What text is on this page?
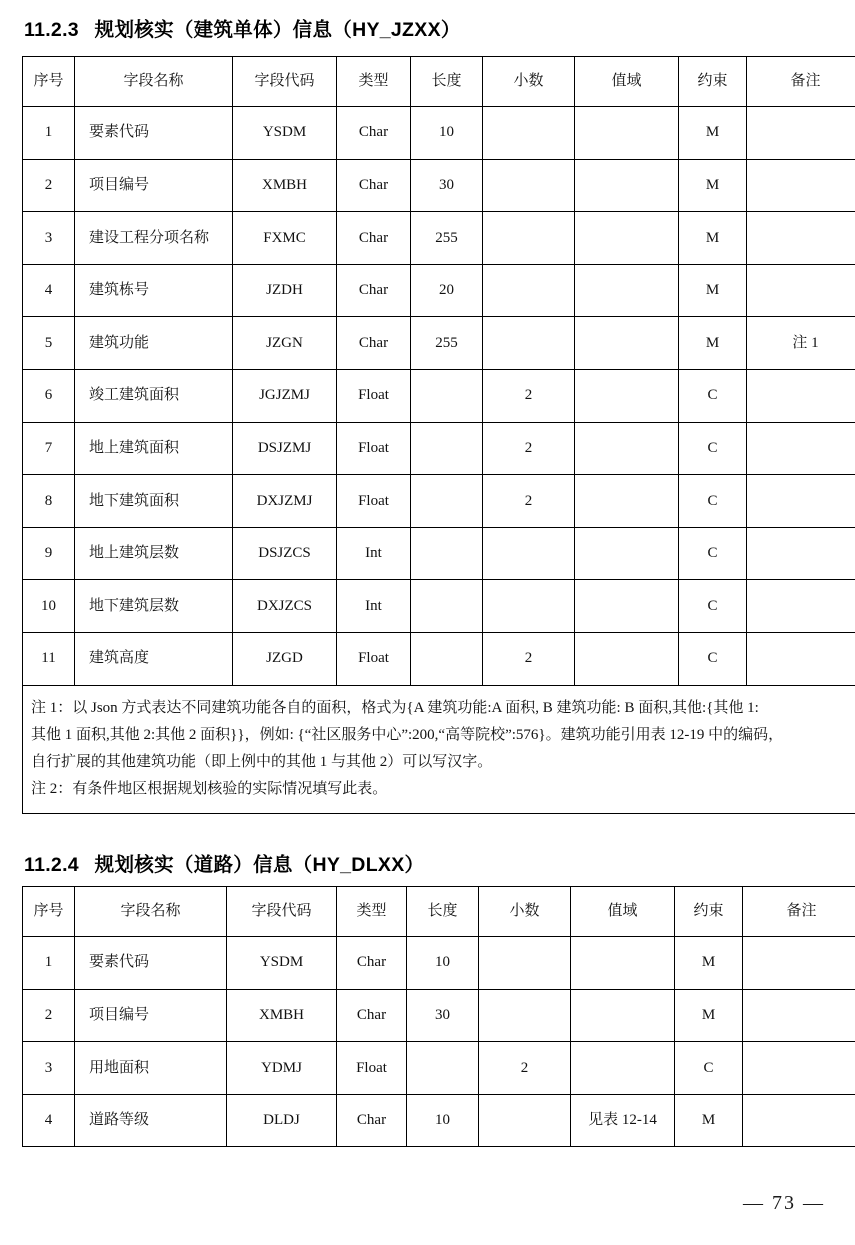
11.2.3 规划核实（建筑单体）信息（HY_JZXX）
序号	字段名称	字段代码	类型	长度	小数	值域	约束	备注
1	要素代码	YSDM	Char	10			M	
2	项目编号	XMBH	Char	30			M	
3	建设工程分项名称	FXMC	Char	255			M	
4	建筑栋号	JZDH	Char	20			M	
5	建筑功能	JZGN	Char	255			M	注 1
6	竣工建筑面积	JGJZMJ	Float		2		C	
7	地上建筑面积	DSJZMJ	Float		2		C	
8	地下建筑面积	DXJZMJ	Float		2		C	
9	地上建筑层数	DSJZCS	Int				C	
10	地下建筑层数	DXJZCS	Int				C	
11	建筑高度	JZGD	Float		2		C	

注 1：以 Json 方式表达不同建筑功能各自的面积，格式为{A 建筑功能:A 面积, B 建筑功能: B 面积,其他:{其他 1:
其他 1 面积,其他 2:其他 2 面积}}，例如: {“社区服务中心”:200,“高等院校”:576}。建筑功能引用表 12-19 中的编码，
自行扩展的其他建筑功能（即上例中的其他 1 与其他 2）可以写汉字。
注 2：有条件地区根据规划核验的实际情况填写此表。								
11.2.4 规划核实（道路）信息（HY_DLXX）
序号	字段名称	字段代码	类型	长度	小数	值域	约束	备注
1	要素代码	YSDM	Char	10			M	
2	项目编号	XMBH	Char	30			M	
3	用地面积	YDMJ	Float		2		C	
4	道路等级	DLDJ	Char	10		见表 12-14	M	
— 73 —
